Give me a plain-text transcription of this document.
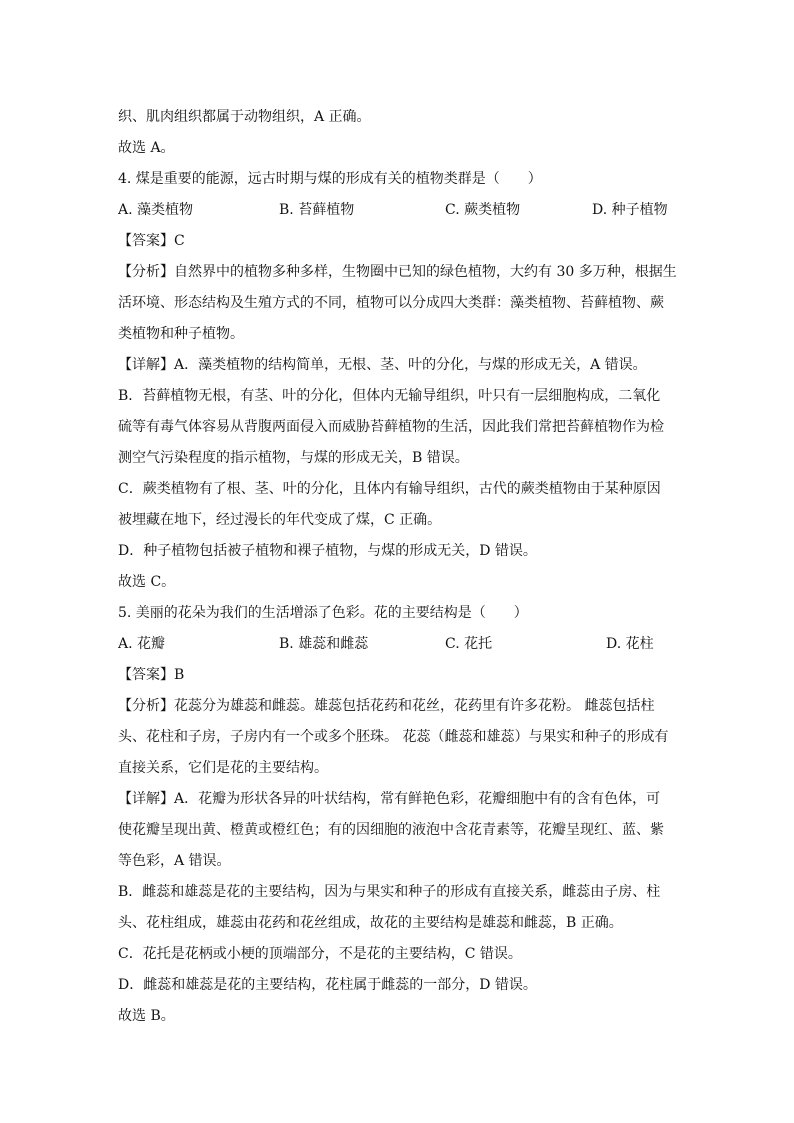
织、肌肉组织都属于动物组织，A 正确。
故选 A。
4. 煤是重要的能源，远古时期与煤的形成有关的植物类群是（　　）
A. 藻类植物	B. 苔藓植物	C. 蕨类植物	D. 种子植物
【答案】C
【分析】自然界中的植物多种多样，生物圈中已知的绿色植物，大约有 30 多万种，根据生
活环境、形态结构及生殖方式的不同，植物可以分成四大类群：藻类植物、苔藓植物、蕨
类植物和种子植物。
【详解】A．藻类植物的结构简单，无根、茎、叶的分化，与煤的形成无关，A 错误。
B．苔藓植物无根，有茎、叶的分化，但体内无输导组织，叶只有一层细胞构成，二氧化
硫等有毒气体容易从背腹两面侵入而威胁苔藓植物的生活，因此我们常把苔藓植物作为检
测空气污染程度的指示植物，与煤的形成无关，B 错误。
C．蕨类植物有了根、茎、叶的分化，且体内有输导组织，古代的蕨类植物由于某种原因
被埋藏在地下，经过漫长的年代变成了煤，C 正确。
D．种子植物包括被子植物和裸子植物，与煤的形成无关，D 错误。
故选 C。
5. 美丽的花朵为我们的生活增添了色彩。花的主要结构是（　　）
A. 花瓣	B. 雄蕊和雌蕊	C. 花托	D. 花柱
【答案】B
【分析】花蕊分为雄蕊和雌蕊。雄蕊包括花药和花丝，花药里有许多花粉。 雌蕊包括柱
头、花柱和子房，子房内有一个或多个胚珠。 花蕊（雌蕊和雄蕊）与果实和种子的形成有
直接关系，它们是花的主要结构。
【详解】A．花瓣为形状各异的叶状结构，常有鲜艳色彩，花瓣细胞中有的含有色体，可
使花瓣呈现出黄、橙黄或橙红色；有的因细胞的液泡中含花青素等，花瓣呈现红、蓝、紫
等色彩，A 错误。
B．雌蕊和雄蕊是花的主要结构，因为与果实和种子的形成有直接关系，雌蕊由子房、柱
头、花柱组成，雄蕊由花药和花丝组成，故花的主要结构是雄蕊和雌蕊，B 正确。
C．花托是花柄或小梗的顶端部分，不是花的主要结构，C 错误。
D．雌蕊和雄蕊是花的主要结构，花柱属于雌蕊的一部分，D 错误。
故选 B。
